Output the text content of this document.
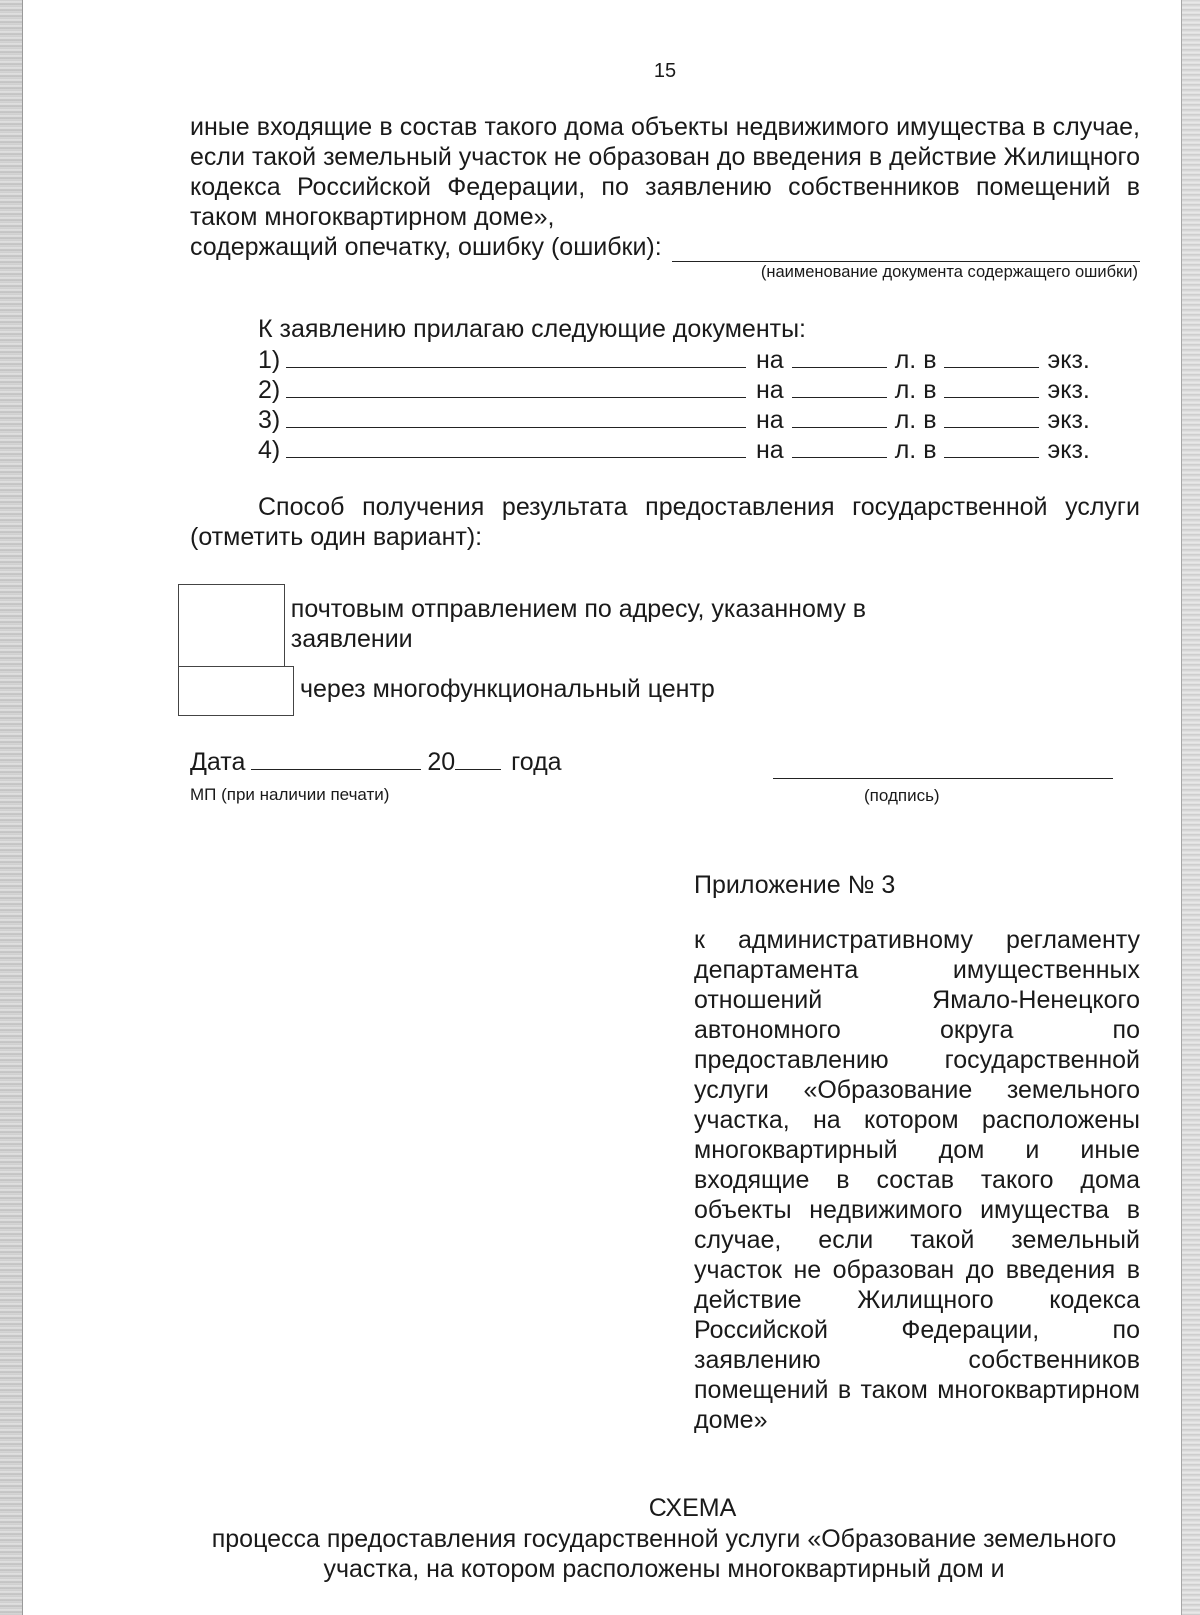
15
иные входящие в состав такого дома объекты недвижимого имущества в случае, если такой земельный участок не образован до введения в действие Жилищного кодекса Российской Федерации, по заявлению собственников помещений в таком многоквартирном доме»,
содержащий опечатку, ошибку (ошибки):
(наименование документа содержащего ошибки)
К заявлению прилагаю следующие документы:
1)	на	л. в	экз.
2)	на	л. в	экз.
3)	на	л. в	экз.
4)	на	л. в	экз.
Способ получения результата предоставления государственной услуги (отметить один вариант):
почтовым отправлением по адресу, указанному в заявлении
через многофункциональный центр
Дата	20 года
МП (при наличии печати)	(подпись)
Приложение № 3
к административному регламенту департамента имущественных отношений Ямало-Ненецкого автономного округа по предоставлению государственной услуги «Образование земельного участка, на котором расположены многоквартирный дом и иные входящие в состав такого дома объекты недвижимого имущества в случае, если такой земельный участок не образован до введения в действие Жилищного кодекса Российской Федерации, по заявлению собственников помещений в таком многоквартирном доме»
СХЕМА
процесса предоставления государственной услуги «Образование земельного участка, на котором расположены многоквартирный дом и
